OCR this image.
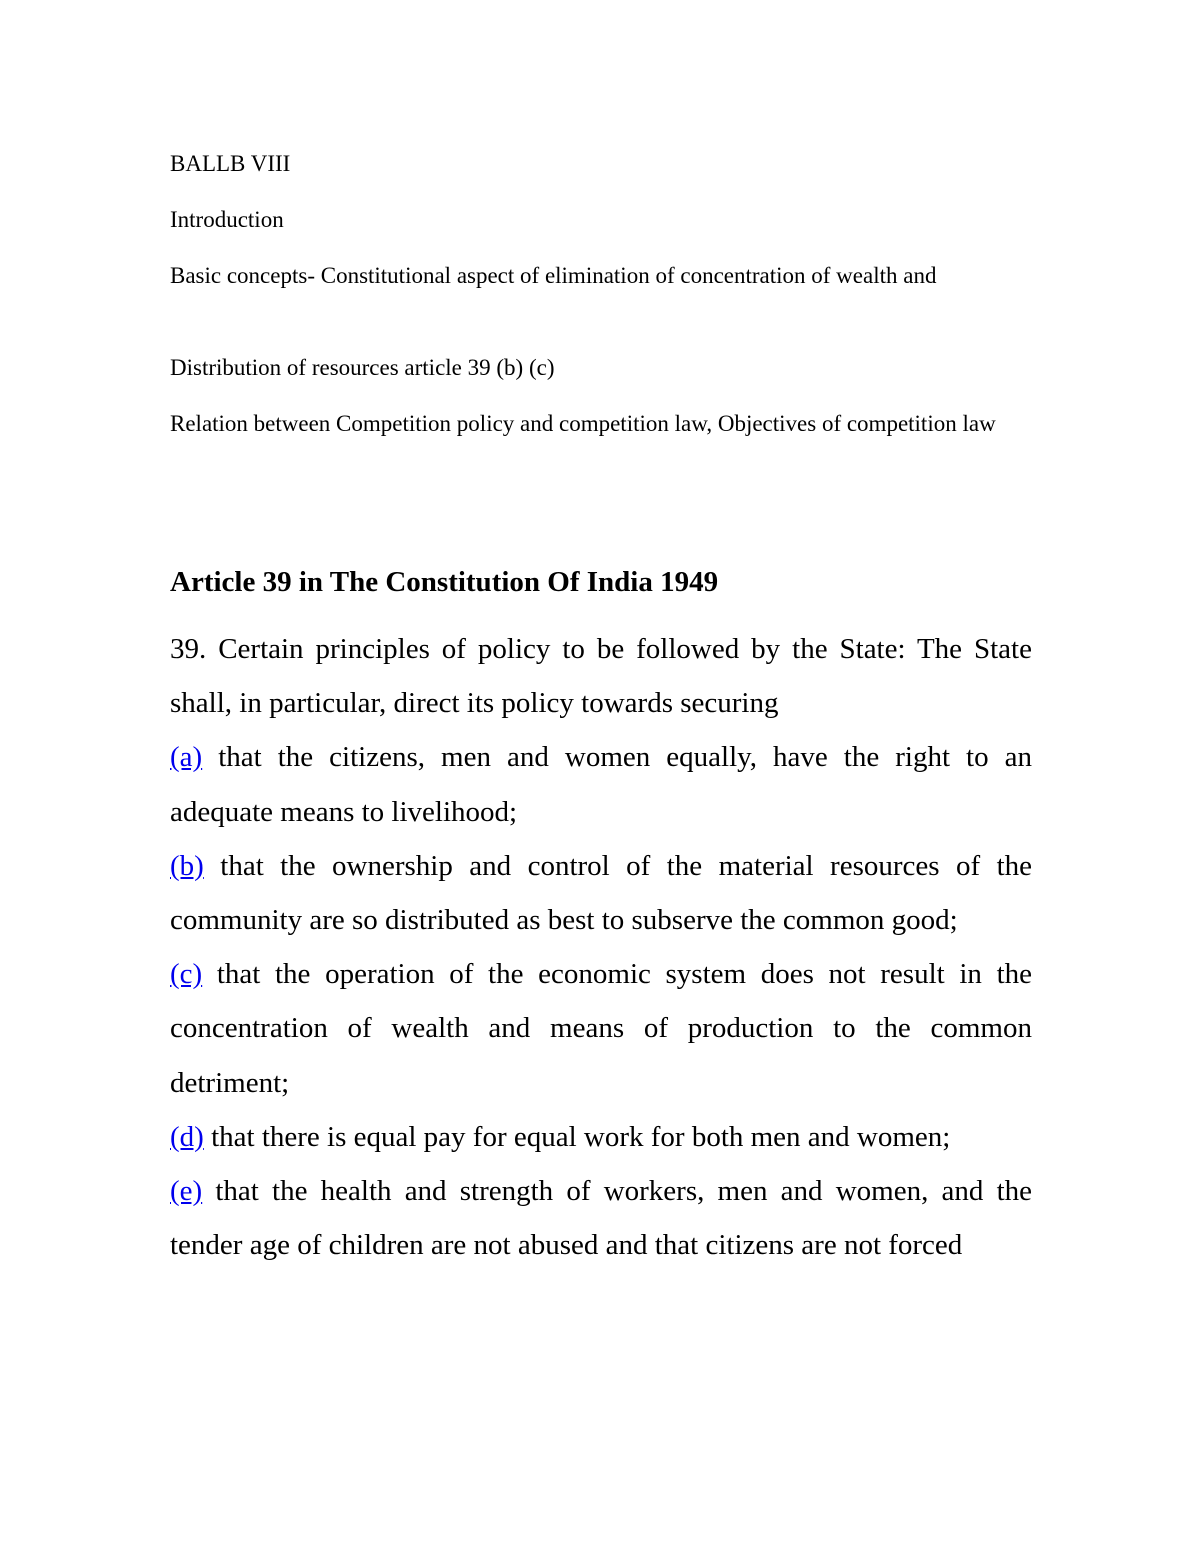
BALLB VIII

Introduction

Basic concepts- Constitutional aspect of elimination of concentration of wealth and

Distribution of resources article 39 (b) (c)

Relation between Competition policy and competition law, Objectives of competition law

Article 39 in The Constitution Of India 1949

39. Certain principles of policy to be followed by the State: The State shall, in particular, direct its policy towards securing

(a) that the citizens, men and women equally, have the right to an adequate means to livelihood;

(b) that the ownership and control of the material resources of the community are so distributed as best to subserve the common good;

(c) that the operation of the economic system does not result in the concentration of wealth and means of production to the common detriment;

(d) that there is equal pay for equal work for both men and women;

(e) that the health and strength of workers, men and women, and the tender age of children are not abused and that citizens are not forced
